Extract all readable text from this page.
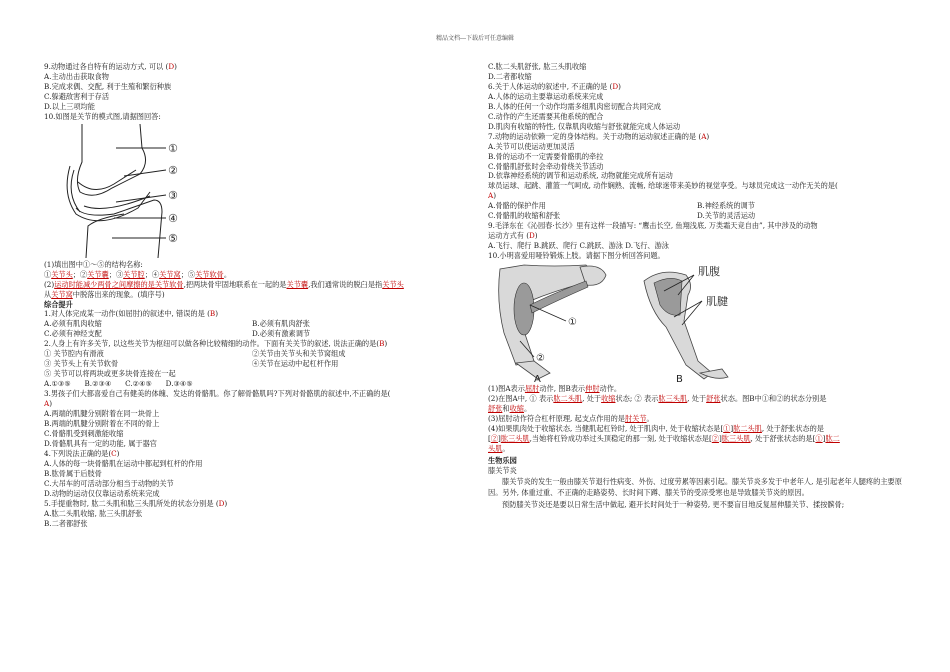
精品文档---下载后可任意编辑
9.动物通过各自特有的运动方式, 可以 (D)
A.主动出击获取食物
B.完成求偶、交配, 利于生殖和繁衍种族
C.躲避敌害利于存活
D.以上三项均能
10.如图是关节的模式图,请据图回答:
①
②
③
④
⑤
(1)填出图中①～⑤的结构名称:
①关节头；②关节囊；③关节腔；④关节窝；⑤关节软骨。
(2)运动时能减少两骨之间摩擦的是关节软骨,把两块骨牢固地联系在一起的是关节囊,我们通常说的脱臼是指关节头
从关节窝中脱落出来的现象。(填序号)
综合提升
1.对人体完成某一动作(如屈肘)的叙述中, 错误的是 (B)
A.必须有肌肉收缩	B.必须有肌肉舒张
C.必须有神经支配	D.必须有激素调节
2.人身上有许多关节, 以这些关节为枢纽可以做各种比较精细的动作。下面有关关节的叙述, 说法正确的是(B)
① 关节腔内有滑液	②关节由关节头和关节窝组成
③ 关节头上有关节软骨	④关节在运动中起杠杆作用
⑤ 关节可以将两块或更多块骨连接在一起
A.①③⑤      B.②③④      C.②④⑤      D.③④⑤
3.男孩子们大都喜爱自己有健美的体魄、发达的骨骼肌。你了解骨骼肌吗?下列对骨骼肌的叙述中,不正确的是(
A)
A.两端的肌腱分别附着在同一块骨上
B.两端的肌腱分别附着在不同的骨上
C.骨骼肌受到刺激能收缩
D.骨骼肌具有一定的功能, 属于器官
4.下列说法正确的是(C)
A.人体的每一块骨骼肌在运动中都起到杠杆的作用
B.肱骨属于后肢骨
C.大吊车的可活动部分相当于动物的关节
D.动物的运动仅仅靠运动系统来完成
5.手提重物时, 肱二头肌和肱三头肌所处的状态分别是 (D)
A.肱二头肌收缩, 肱三头肌舒张
B.二者都舒张
C.肱二头肌舒张, 肱三头肌收缩
D.二者都收缩
6.关于人体运动的叙述中, 不正确的是 (D)
A.人体的运动主要靠运动系统来完成
B.人体的任何一个动作均需多组肌肉密切配合共同完成
C.动作的产生还需要其他系统的配合
D.肌肉有收缩的特性, 仅靠肌肉收缩与舒张就能完成人体运动
7.动物的运动依赖一定的身体结构。关于动物的运动叙述正确的是 (A)
A.关节可以使运动更加灵活
B.骨的运动不一定需要骨骼肌的牵拉
C.骨骼肌舒张时会牵动骨绕关节活动
D.依靠神经系统的调节和运动系统, 动物就能完成所有运动
球员运球、起跳、灌篮一气呵成, 动作娴熟、流畅, 给球迷带来美妙的视觉享受。与球员完成这一动作无关的是(
A)
A.骨骼的保护作用	B.神经系统的调节
C.骨骼肌的收缩和舒张	D.关节的灵活运动
9.毛泽东在《沁园春·长沙》里有这样一段描写: “鹰击长空, 鱼翔浅底, 万类霜天竞自由”, 其中涉及的动物
运动方式有 (D)
A.飞行、爬行 B.跳跃、爬行 C.跳跃、游泳 D.飞行、游泳
10.小明喜爱用哑铃锻炼上肢。请据下图分析回答问题。
①
②
A
肌腹
肌腱
B
(1)图A表示屈肘动作, 图B表示伸肘动作。
(2)在图A中, ① 表示肱二头肌, 处于收缩状态; ② 表示肱三头肌, 处于舒张状态。图B中①和②的状态分别是
舒张和收缩。
(3)屈肘动作符合杠杆原理, 起支点作用的是肘关节。
(4)如果肌肉处于收缩状态, 当健肌起杠铃时, 处于肌肉中, 处于收缩状态是[①]肱二头肌, 处于舒张状态的是
[②]肱三头肌,当她将杠铃成功举过头顶稳定的那一刻, 处于收缩状态是[②]肱三头肌, 处于舒张状态的是[①]肱二
头肌。
生物乐园
膝关节炎
膝关节炎的发生一般由膝关节退行性病变、外伤、过度劳累等因素引起。膝关节炎多发于中老年人, 是引起老年人腿疼的主要原因。另外, 体重过重、不正确的走路姿势、长时间下蹲、膝关节的受凉受寒也是导致膝关节炎的原因。
预防膝关节炎还是要以日常生活中做起, 避开长时间处于一种姿势, 更不要盲目地反复屈伸膝关节、揉按髌骨;
